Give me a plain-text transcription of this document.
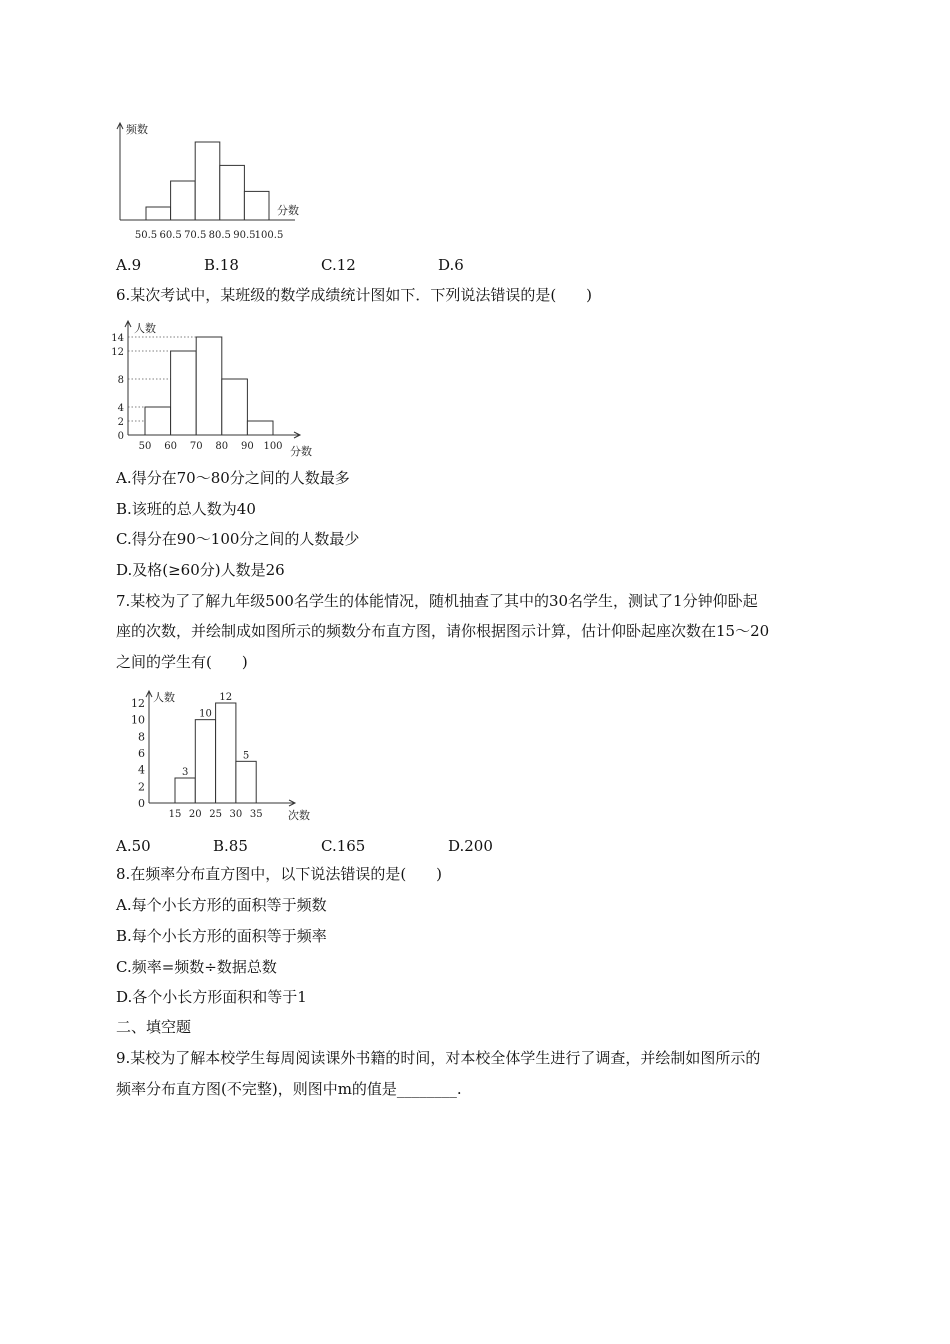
频数
分数
50.5 60.5 70.5 80.5 90.5 100.5
A.9	B.18	C.12	D.6
6.某次考试中，某班级的数学成绩统计图如下．下列说法错误的是(　　)
人数
分数
0
2
4
8
12
14
50 60 70 80 90 100
A.得分在70～80分之间的人数最多
B.该班的总人数为40
C.得分在90～100分之间的人数最少
D.及格(≥60分)人数是26
7.某校为了了解九年级500名学生的体能情况，随机抽查了其中的30名学生，测试了1分钟仰卧起
座的次数，并绘制成如图所示的频数分布直方图，请你根据图示计算，估计仰卧起座次数在15～20
之间的学生有(　　)
人数
次数
3
10
12
5
0
2
4
6
8
10
12
15 20 25 30 35
A.50	B.85	C.165	D.200
8.在频率分布直方图中，以下说法错误的是(　　)
A.每个小长方形的面积等于频数
B.每个小长方形的面积等于频率
C.频率=频数÷数据总数
D.各个小长方形面积和等于1
二、填空题
9.某校为了解本校学生每周阅读课外书籍的时间，对本校全体学生进行了调查，并绘制如图所示的
频率分布直方图(不完整)，则图中m的值是________.
